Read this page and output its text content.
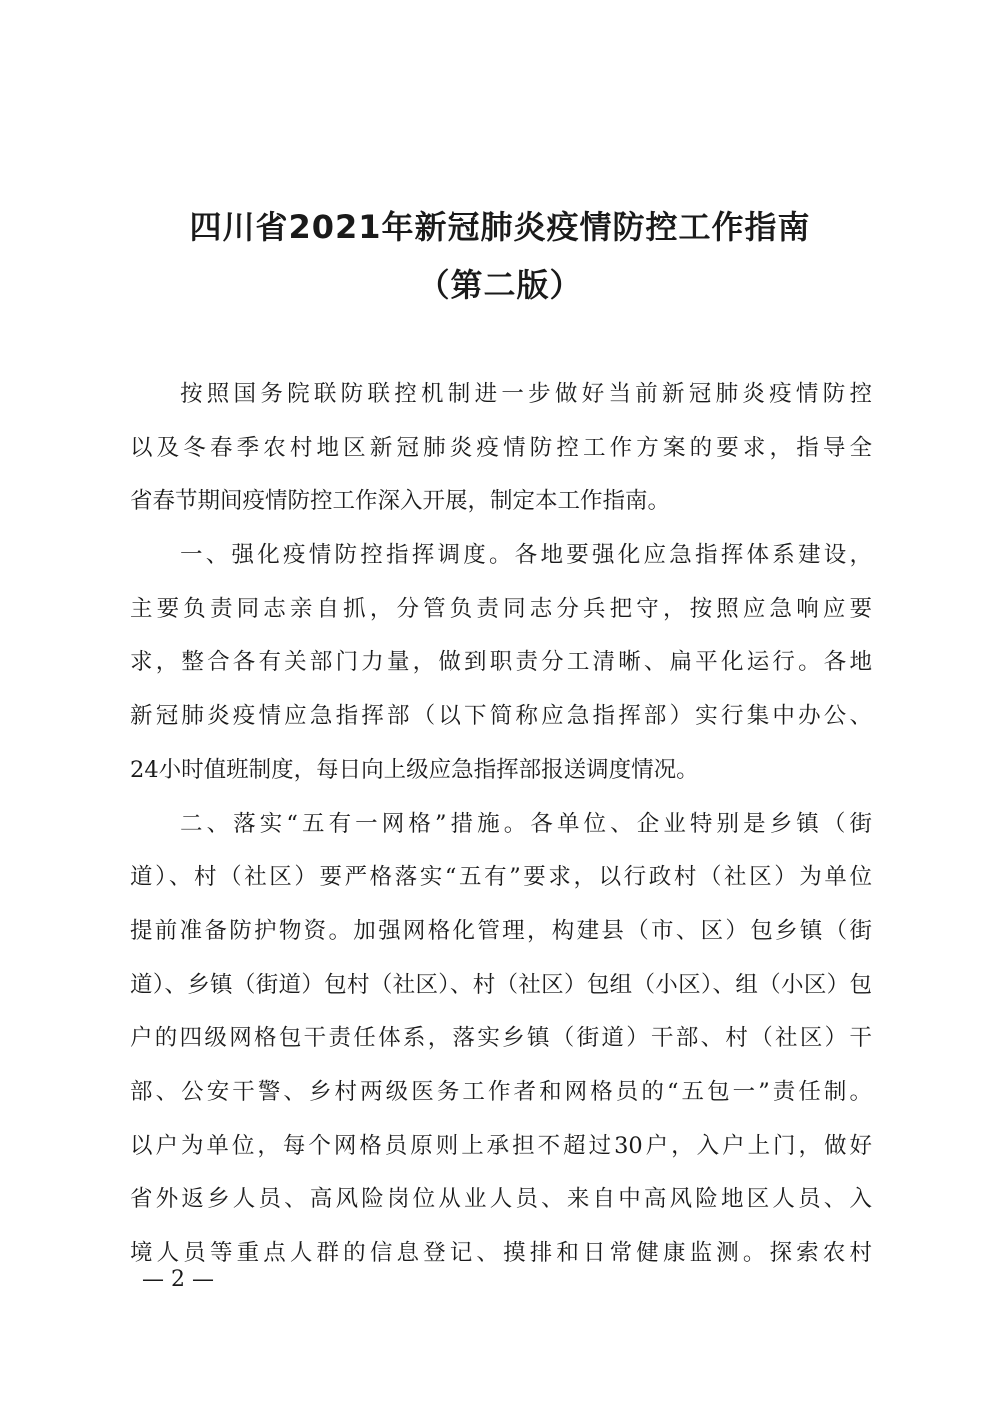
四川省2021年新冠肺炎疫情防控工作指南
（第二版）
按照国务院联防联控机制进一步做好当前新冠肺炎疫情防控
以及冬春季农村地区新冠肺炎疫情防控工作方案的要求，指导全
省春节期间疫情防控工作深入开展，制定本工作指南。
一、强化疫情防控指挥调度。各地要强化应急指挥体系建设，
主要负责同志亲自抓，分管负责同志分兵把守，按照应急响应要
求，整合各有关部门力量，做到职责分工清晰、扁平化运行。各地
新冠肺炎疫情应急指挥部（以下简称应急指挥部）实行集中办公、
24小时值班制度，每日向上级应急指挥部报送调度情况。
二、落实“五有一网格”措施。各单位、企业特别是乡镇（街
道）、村（社区）要严格落实“五有”要求，以行政村（社区）为单位
提前准备防护物资。加强网格化管理，构建县（市、区）包乡镇（街
道）、乡镇（街道）包村（社区）、村（社区）包组（小区）、组（小区）包
户的四级网格包干责任体系，落实乡镇（街道）干部、村（社区）干
部、公安干警、乡村两级医务工作者和网格员的“五包一”责任制。
以户为单位，每个网格员原则上承担不超过30户，入户上门，做好
省外返乡人员、高风险岗位从业人员、来自中高风险地区人员、入
境人员等重点人群的信息登记、摸排和日常健康监测。探索农村
— 2 —
